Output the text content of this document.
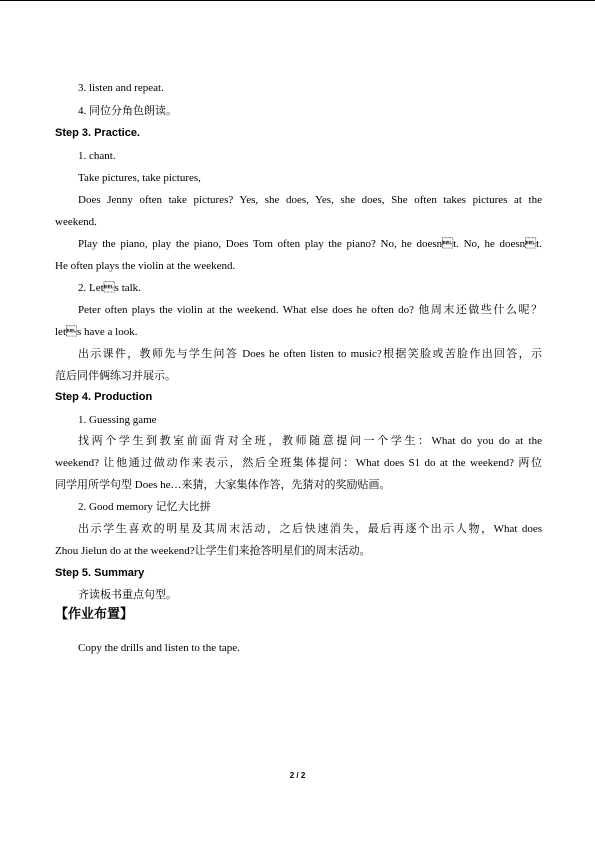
3. listen and repeat.
4. 同位分角色朗读。
Step 3. Practice.
1. chant.
Take pictures, take pictures,
Does Jenny often take pictures? Yes, she does, Yes, she does, She often takes pictures at the
weekend.
Play the piano, play the piano, Does Tom often play the piano? No, he doesnt. No, he doesnt.
He often plays the violin at the weekend.
2. Lets talk.
Peter often plays the violin at the weekend. What else does he often do? 他周末还做些什么呢？
lets have a look.
出示课件，教师先与学生问答 Does he often listen to music?根据笑脸或苦脸作出回答，示
范后同伴俩练习并展示。
Step 4. Production
1. Guessing game
找两个学生到教室前面背对全班，教师随意提问一个学生：What do you do at the
weekend? 让他通过做动作来表示，然后全班集体提问：What does S1 do at the weekend? 两位
同学用所学句型 Does he…来猜，大家集体作答，先猜对的奖励贴画。
2. Good memory 记忆大比拼
出示学生喜欢的明星及其周末活动，之后快速消失，最后再逐个出示人物，What does
Zhou Jielun do at the weekend?让学生们来抢答明星们的周末活动。
Step 5. Summary
齐读板书重点句型。
【作业布置】
Copy the drills and listen to the tape.
2 / 2
